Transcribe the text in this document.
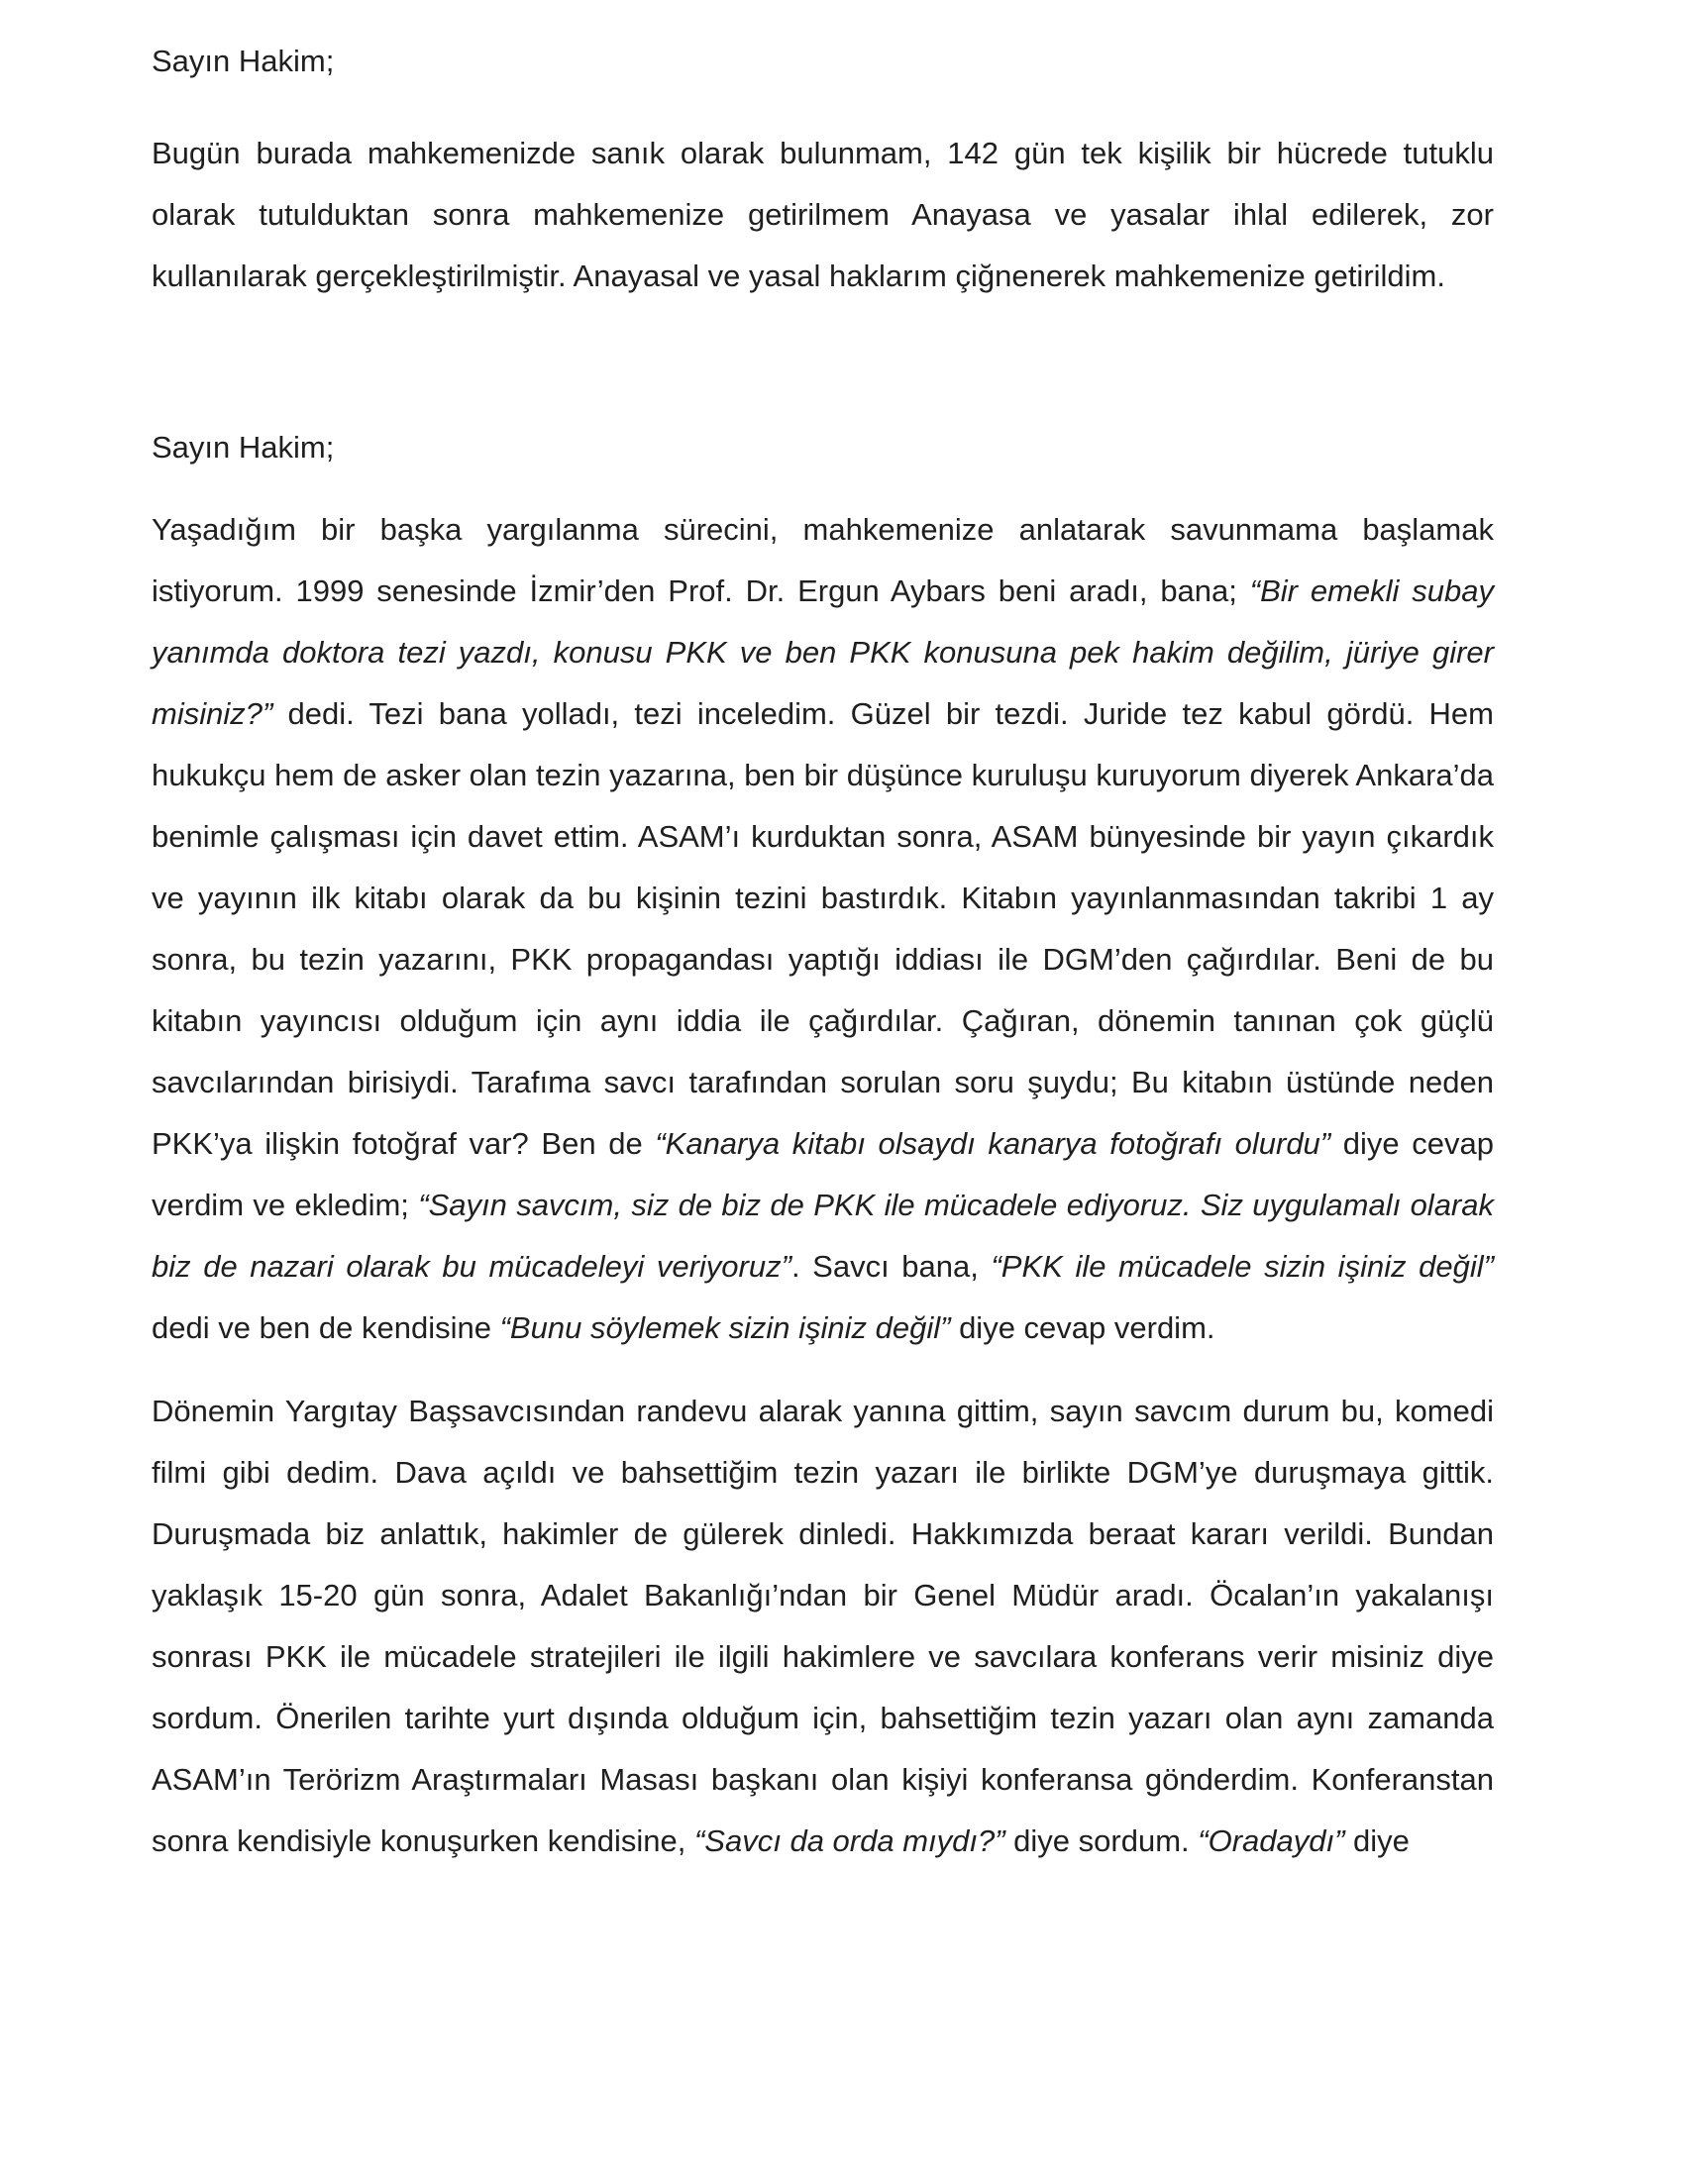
Sayın Hakim;

Bugün burada mahkemenizde sanık olarak bulunmam, 142 gün tek kişilik bir hücrede tutuklu olarak tutulduktan sonra mahkemenize getirilmem Anayasa ve yasalar ihlal edilerek, zor kullanılarak gerçekleştirilmiştir. Anayasal ve yasal haklarım çiğnenerek mahkemenize getirildim.

Sayın Hakim;

Yaşadığım bir başka yargılanma sürecini, mahkemenize anlatarak savunmama başlamak istiyorum. 1999 senesinde İzmir’den Prof. Dr. Ergun Aybars beni aradı, bana; “Bir emekli subay yanımda doktora tezi yazdı, konusu PKK ve ben PKK konusuna pek hakim değilim, jüriye girer misiniz?” dedi. Tezi bana yolladı, tezi inceledim. Güzel bir tezdi. Juride tez kabul gördü. Hem hukukçu hem de asker olan tezin yazarına, ben bir düşünce kuruluşu kuruyorum diyerek Ankara’da benimle çalışması için davet ettim. ASAM’ı kurduktan sonra, ASAM bünyesinde bir yayın çıkardık ve yayının ilk kitabı olarak da bu kişinin tezini bastırdık. Kitabın yayınlanmasından takribi 1 ay sonra, bu tezin yazarını, PKK propagandası yaptığı iddiası ile DGM’den çağırdılar. Beni de bu kitabın yayıncısı olduğum için aynı iddia ile çağırdılar. Çağıran, dönemin tanınan çok güçlü savcılarından birisiydi. Tarafıma savcı tarafından sorulan soru şuydu; Bu kitabın üstünde neden PKK’ya ilişkin fotoğraf var? Ben de “Kanarya kitabı olsaydı kanarya fotoğrafı olurdu” diye cevap verdim ve ekledim; “Sayın savcım, siz de biz de PKK ile mücadele ediyoruz. Siz uygulamalı olarak biz de nazari olarak bu mücadeleyi veriyoruz”. Savcı bana, “PKK ile mücadele sizin işiniz değil” dedi ve ben de kendisine “Bunu söylemek sizin işiniz değil” diye cevap verdim.

Dönemin Yargıtay Başsavcısından randevu alarak yanına gittim, sayın savcım durum bu, komedi filmi gibi dedim. Dava açıldı ve bahsettiğim tezin yazarı ile birlikte DGM’ye duruşmaya gittik. Duruşmada biz anlattık, hakimler de gülerek dinledi. Hakkımızda beraat kararı verildi. Bundan yaklaşık 15-20 gün sonra, Adalet Bakanlığı’ndan bir Genel Müdür aradı. Öcalan’ın yakalanışı sonrası PKK ile mücadele stratejileri ile ilgili hakimlere ve savcılara konferans verir misiniz diye sordum. Önerilen tarihte yurt dışında olduğum için, bahsettiğim tezin yazarı olan aynı zamanda ASAM’ın Terörizm Araştırmaları Masası başkanı olan kişiyi konferansa gönderdim. Konferanstan sonra kendisiyle konuşurken kendisine, “Savcı da orda mıydı?” diye sordum. “Oradaydı” diye
